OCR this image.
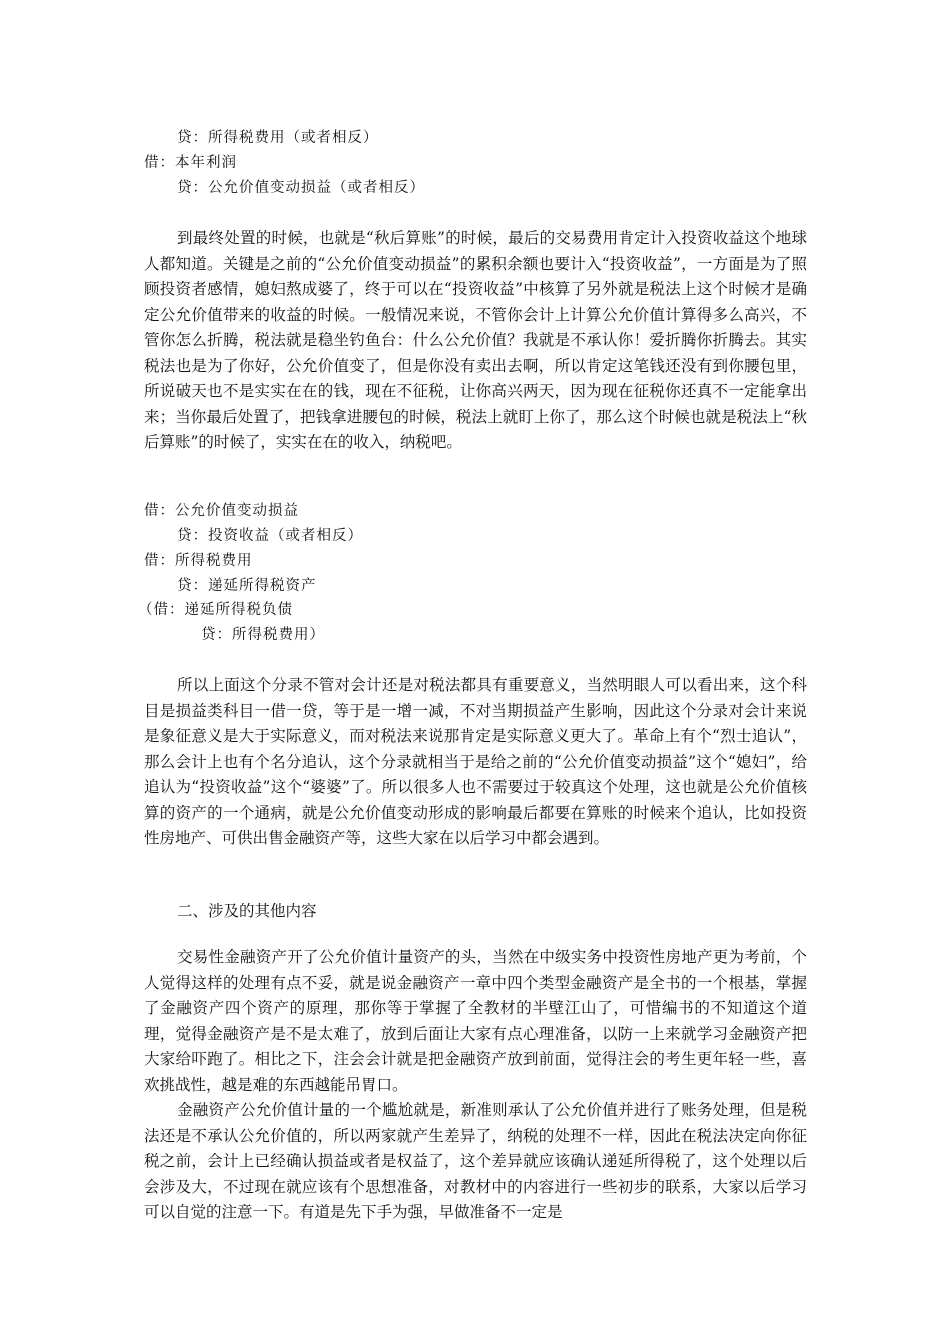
贷：所得税费用（或者相反）
借：本年利润
贷：公允价值变动损益（或者相反）

到最终处置的时候，也就是“秋后算账”的时候，最后的交易费用肯定计入投资收益这个地球人都知道。关键是之前的“公允价值变动损益”的累积余额也要计入“投资收益”，一方面是为了照顾投资者感情，媳妇熬成婆了，终于可以在“投资收益”中核算了另外就是税法上这个时候才是确定公允价值带来的收益的时候。一般情况来说，不管你会计上计算公允价值计算得多么高兴，不管你怎么折腾，税法就是稳坐钓鱼台：什么公允价值？我就是不承认你！爱折腾你折腾去。其实税法也是为了你好，公允价值变了，但是你没有卖出去啊，所以肯定这笔钱还没有到你腰包里，所说破天也不是实实在在的钱，现在不征税，让你高兴两天，因为现在征税你还真不一定能拿出来；当你最后处置了，把钱拿进腰包的时候，税法上就盯上你了，那么这个时候也就是税法上“秋后算账”的时候了，实实在在的收入，纳税吧。

借：公允价值变动损益
贷：投资收益（或者相反）
借：所得税费用
贷：递延所得税资产
（借：递延所得税负债
贷：所得税费用）

所以上面这个分录不管对会计还是对税法都具有重要意义，当然明眼人可以看出来，这个科目是损益类科目一借一贷，等于是一增一减，不对当期损益产生影响，因此这个分录对会计来说是象征意义是大于实际意义，而对税法来说那肯定是实际意义更大了。革命上有个“烈士追认”，那么会计上也有个名分追认，这个分录就相当于是给之前的“公允价值变动损益”这个“媳妇”，给追认为“投资收益”这个“婆婆”了。所以很多人也不需要过于较真这个处理，这也就是公允价值核算的资产的一个通病，就是公允价值变动形成的影响最后都要在算账的时候来个追认，比如投资性房地产、可供出售金融资产等，这些大家在以后学习中都会遇到。

二、涉及的其他内容

交易性金融资产开了公允价值计量资产的头，当然在中级实务中投资性房地产更为考前，个人觉得这样的处理有点不妥，就是说金融资产一章中四个类型金融资产是全书的一个根基，掌握了金融资产四个资产的原理，那你等于掌握了全教材的半壁江山了，可惜编书的不知道这个道理，觉得金融资产是不是太难了，放到后面让大家有点心理准备，以防一上来就学习金融资产把大家给吓跑了。相比之下，注会会计就是把金融资产放到前面，觉得注会的考生更年轻一些，喜欢挑战性，越是难的东西越能吊胃口。

金融资产公允价值计量的一个尴尬就是，新准则承认了公允价值并进行了账务处理，但是税法还是不承认公允价值的，所以两家就产生差异了，纳税的处理不一样，因此在税法决定向你征税之前，会计上已经确认损益或者是权益了，这个差异就应该确认递延所得税了，这个处理以后会涉及大，不过现在就应该有个思想准备，对教材中的内容进行一些初步的联系，大家以后学习可以自觉的注意一下。有道是先下手为强，早做准备不一定是
